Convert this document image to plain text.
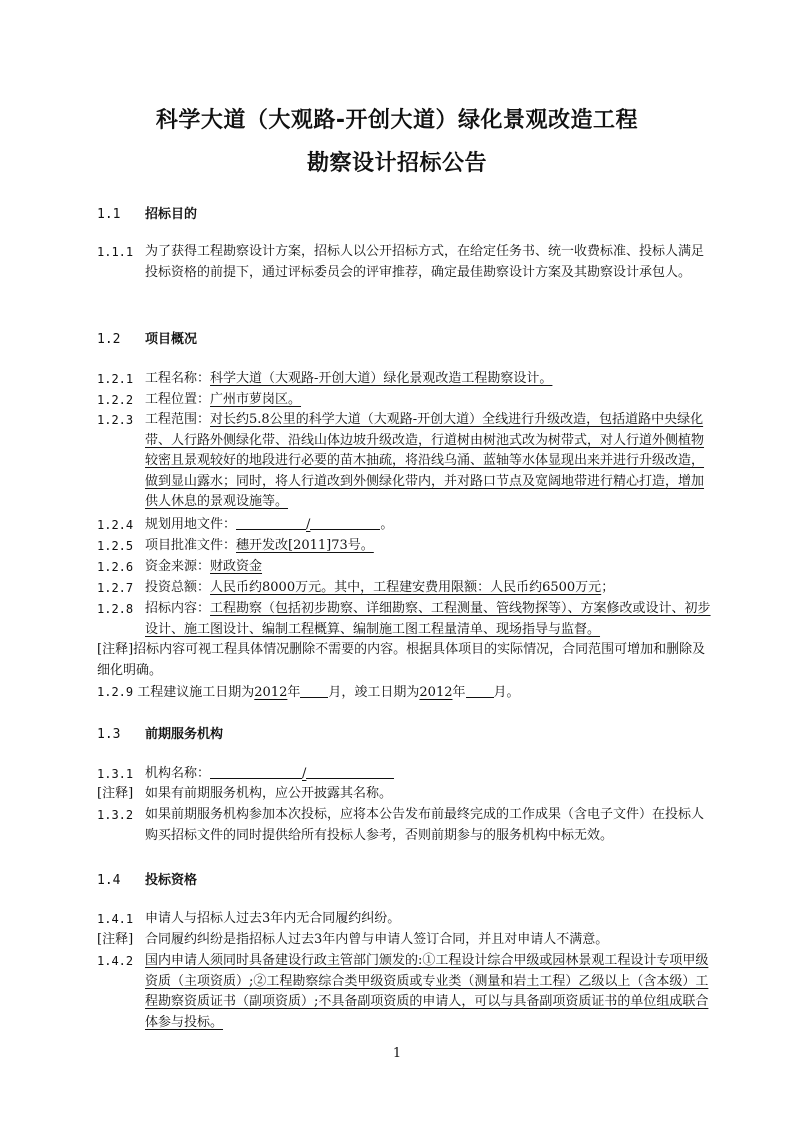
科学大道（大观路-开创大道）绿化景观改造工程
勘察设计招标公告
1.1 招标目的
1.1.1 为了获得工程勘察设计方案，招标人以公开招标方式，在给定任务书、统一收费标准、投标人满足投标资格的前提下，通过评标委员会的评审推荐，确定最佳勘察设计方案及其勘察设计承包人。
1.2 项目概况
1.2.1 工程名称：科学大道（大观路-开创大道）绿化景观改造工程勘察设计。
1.2.2 工程位置：广州市萝岗区。
1.2.3 工程范围：对长约5.8公里的科学大道（大观路-开创大道）全线进行升级改造，包括道路中央绿化带、人行路外侧绿化带、沿线山体边坡升级改造，行道树由树池式改为树带式，对人行道外侧植物较密且景观较好的地段进行必要的苗木抽疏，将沿线乌涌、蓝轴等水体显现出来并进行升级改造，做到显山露水；同时，将人行道改到外侧绿化带内，并对路口节点及宽阔地带进行精心打造，增加供人休息的景观设施等。
1.2.4 规划用地文件：	/	。
1.2.5 项目批准文件：穗开发改[2011]73号。
1.2.6 资金来源：财政资金
1.2.7 投资总额：人民币约8000万元。其中，工程建安费用限额：人民币约6500万元；
1.2.8 招标内容：工程勘察（包括初步勘察、详细勘察、工程测量、管线物探等）、方案修改或设计、初步设计、施工图设计、编制工程概算、编制施工图工程量清单、现场指导与监督。
[注释]招标内容可视工程具体情况删除不需要的内容。根据具体项目的实际情况，合同范围可增加和删除及细化明确。
1.2.9 工程建议施工日期为2012年 月，竣工日期为2012年 月。
1.3 前期服务机构
1.3.1 机构名称：	/
[注释] 如果有前期服务机构，应公开披露其名称。
1.3.2 如果前期服务机构参加本次投标，应将本公告发布前最终完成的工作成果（含电子文件）在投标人购买招标文件的同时提供给所有投标人参考，否则前期参与的服务机构中标无效。
1.4 投标资格
1.4.1 申请人与招标人过去3年内无合同履约纠纷。
[注释] 合同履约纠纷是指招标人过去3年内曾与申请人签订合同，并且对申请人不满意。
1.4.2 国内申请人须同时具备建设行政主管部门颁发的:①工程设计综合甲级或园林景观工程设计专项甲级资质（主项资质）;②工程勘察综合类甲级资质或专业类（测量和岩土工程）乙级以上（含本级）工程勘察资质证书（副项资质）;不具备副项资质的申请人，可以与具备副项资质证书的单位组成联合体参与投标。
1
